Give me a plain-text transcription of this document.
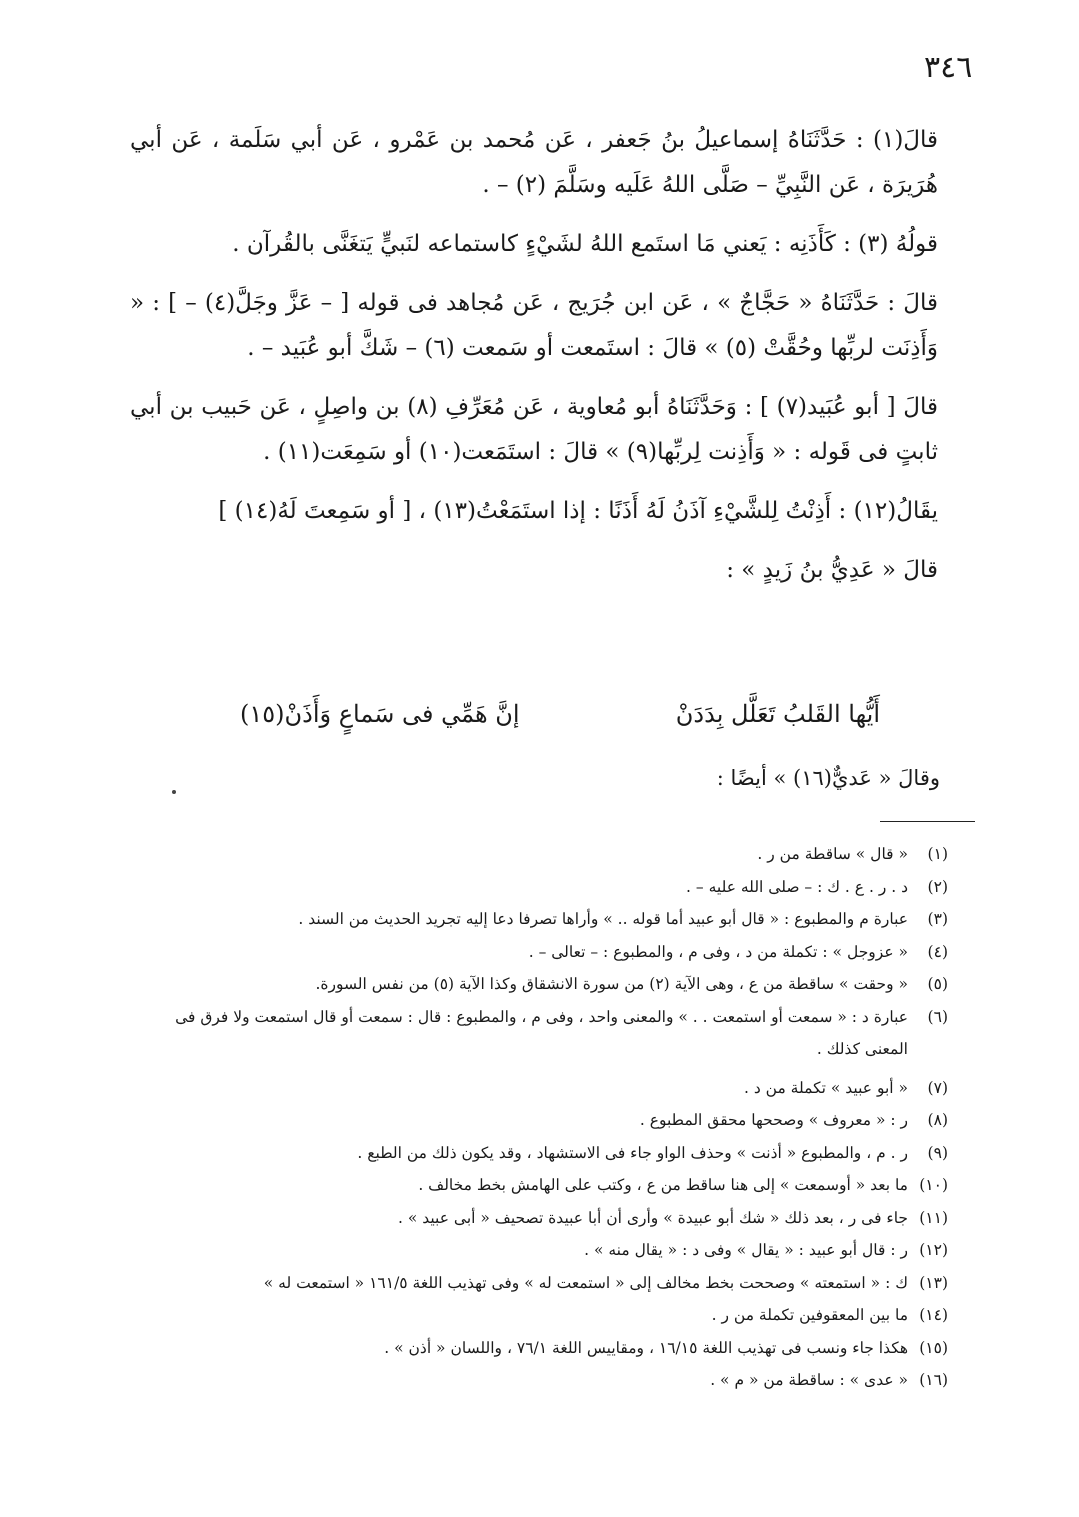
٣٤٦

قالَ(١) : حَدَّثَنَاهُ إسماعيلُ بنُ جَعفر ، عَن مُحمد بن عَمْرو ، عَن أبي سَلَمة ، عَن أبي هُرَيرَة ، عَن النَّبِيِّ – صَلَّى اللهُ عَلَيه وسَلَّمَ (٢) – .

قولُهُ (٣) : كَأَذَنِه : يَعني مَا استَمع اللهُ لشَيْءٍ كاستماعه لنَبيٍّ يَتغَنَّى بالقُرآن .

قالَ : حَدَّثَنَاهُ « حَجَّاجٌ » ، عَن ابن جُرَيج ، عَن مُجاهد فى قوله [ – عَزَّ وجَلَّ(٤) – ] : « وَأَذِنَت لربِّها وحُقَّتْ (٥) » قالَ : استَمعت أو سَمعت (٦) – شَكَّ أبو عُبَيد – .

قالَ [ أبو عُبَيد(٧) ] : وَحَدَّثَنَاهُ أبو مُعاوية ، عَن مُعَرِّفِ (٨) بن واصِلٍ ، عَن حَبيب بن أبي ثابتٍ فى قَوله : « وَأَذِنت لِربِّها(٩) » قالَ : استَمَعت(١٠) أو سَمِعَت(١١) .

يقَالُ(١٢) : أَذِنْتُ لِلشَّيْءِ آذَنُ لَهُ أَذَنًا : إذا استَمَعْتُ(١٣) ، [ أو سَمِعتَ لَهُ(١٤) ]

قالَ « عَدِيُّ بنُ زَيدٍ » :

أَيُّها القَلبُ تَعَلَّل بِدَدَنْ
إنَّ هَمِّي فى سَماعٍ وَأَذَنْ(١٥)
وقالَ « عَديٌّ(١٦) » أيضًا :
(١)
« قال » ساقطة من ر .
(٢)
د . ر . ع . ك : – صلى الله عليه – .
(٣)
عبارة م والمطبوع : « قال أبو عبيد أما قوله .. » وأراها تصرفا دعا إليه تجريد الحديث من السند .
(٤)
« عزوجل » : تكملة من د ، وفى م ، والمطبوع : – تعالى – .
(٥)
« وحقت » ساقطة من ع ، وهى الآية (٢) من سورة الانشقاق وكذا الآية (٥) من نفس السورة.
(٦)
عبارة د : « سمعت أو استمعت . . » والمعنى واحد ، وفى م ، والمطبوع : قال : سمعت أو قال استمعت ولا فرق فى المعنى كذلك .
(٧)
« أبو عبيد » تكملة من د .
(٨)
ر : « معروف » وصححها محقق المطبوع .
(٩)
ر . م ، والمطبوع « أذنت » وحذف الواو جاء فى الاستشهاد ، وقد يكون ذلك من الطبع .
(١٠)
ما بعد « أوسمعت » إلى هنا ساقط من ع ، وكتب على الهامش بخط مخالف .
(١١)
جاء فى ر ، بعد ذلك « شك أبو عبيدة » وأرى أن أبا عبيدة تصحيف « أبى عبيد » .
(١٢)
ر : قال أبو عبيد : « يقال » وفى د : « يقال منه » .
(١٣)
ك : « استمعته » وصححت بخط مخالف إلى « استمعت له » وفى تهذيب اللغة ١٦١/٥ « استمعت له »
(١٤)
ما بين المعقوفين تكملة من ر .
(١٥)
هكذا جاء ونسب فى تهذيب اللغة ١٦/١٥ ، ومقاييس اللغة ٧٦/١ ، واللسان « أذن » .
(١٦)
« عدى » : ساقطة من « م » .
